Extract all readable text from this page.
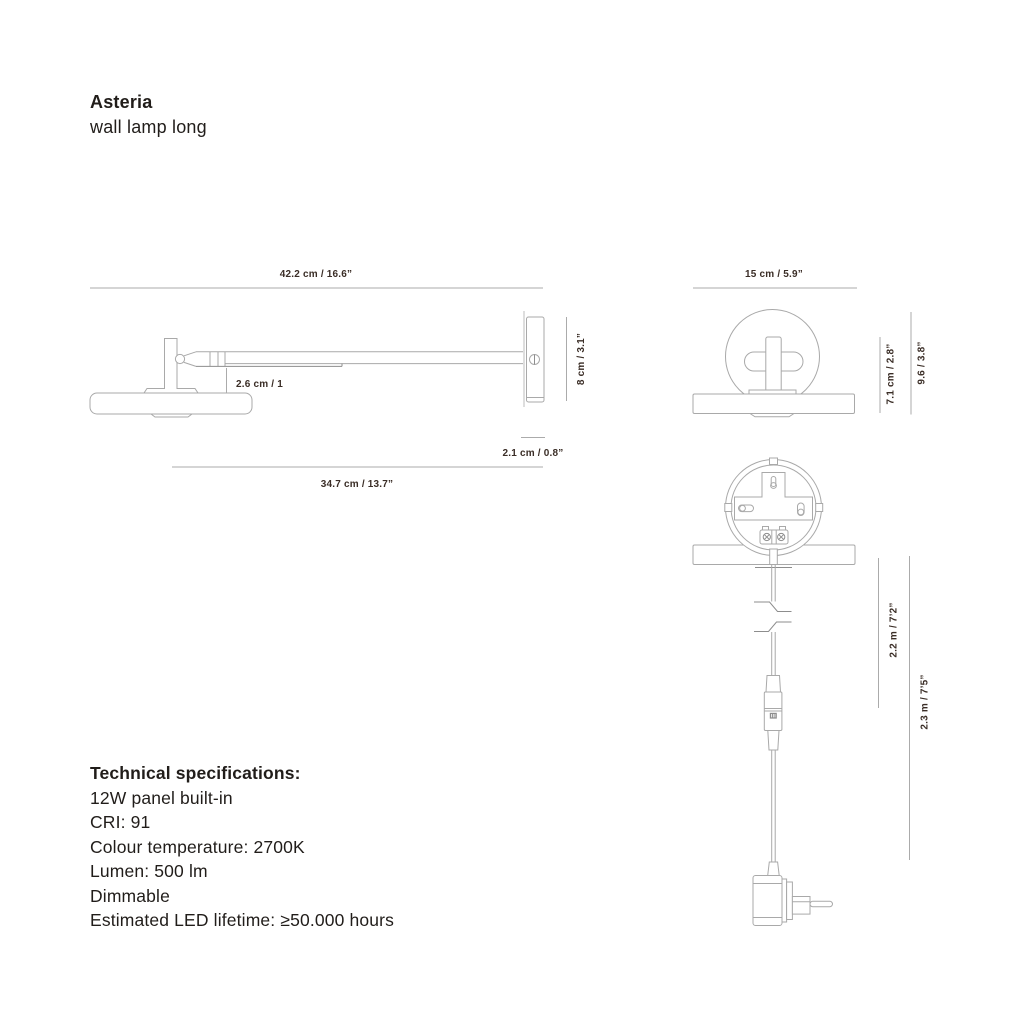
Asteria
wall lamp long
42.2 cm / 16.6”
2.6 cm / 1	8 cm / 3.1”
2.1 cm / 0.8”
34.7 cm / 13.7”
15 cm / 5.9”
7.1 cm / 2.8” 9.6 / 3.8”
2.2 m / 7’2”
2.3 m / 7’5”
Technical specifications:
12W panel built-in
CRI: 91
Colour temperature: 2700K
Lumen: 500 lm
Dimmable
Estimated LED lifetime: ≥50.000 hours
